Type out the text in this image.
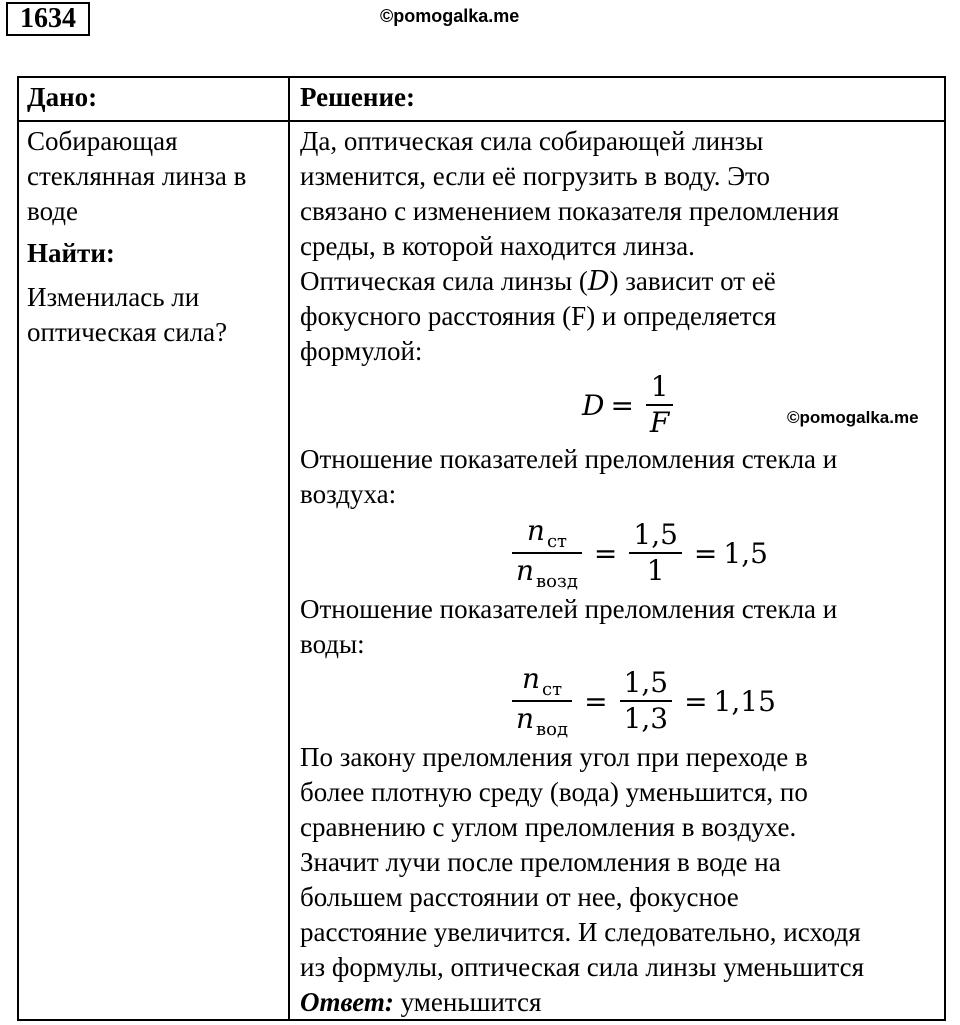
1634	©pomogalka.me
Дано:
Собирающая
стеклянная линза в
воде
Найти:
Изменилась ли
оптическая сила?
Решение:
Да, оптическая сила собирающей линзы
изменится, если её погрузить в воду. Это
связано с изменением показателя преломления
среды, в которой находится линза.
Оптическая сила линзы (D) зависит от её
фокусного расстояния (F) и определяется
формулой:
$D = \frac{1}{F}$	©pomogalka.me
Отношение показателей преломления стекла и
воздуха:
$\frac{n _{ст}}{n _{возд}} = \frac{1,5}{1} = 1,5$
Отношение показателей преломления стекла и
воды:
$\frac{n _{ст}}{n _{вод}} = \frac{1,5}{1,3} = 1,15$
По закону преломления угол при переходе в
более плотную среду (вода) уменьшится, по
сравнению с углом преломления в воздухе.
Значит лучи после преломления в воде на
большем расстоянии от нее, фокусное
расстояние увеличится. И следовательно, исходя
из формулы, оптическая сила линзы уменьшится
Ответ: уменьшится
